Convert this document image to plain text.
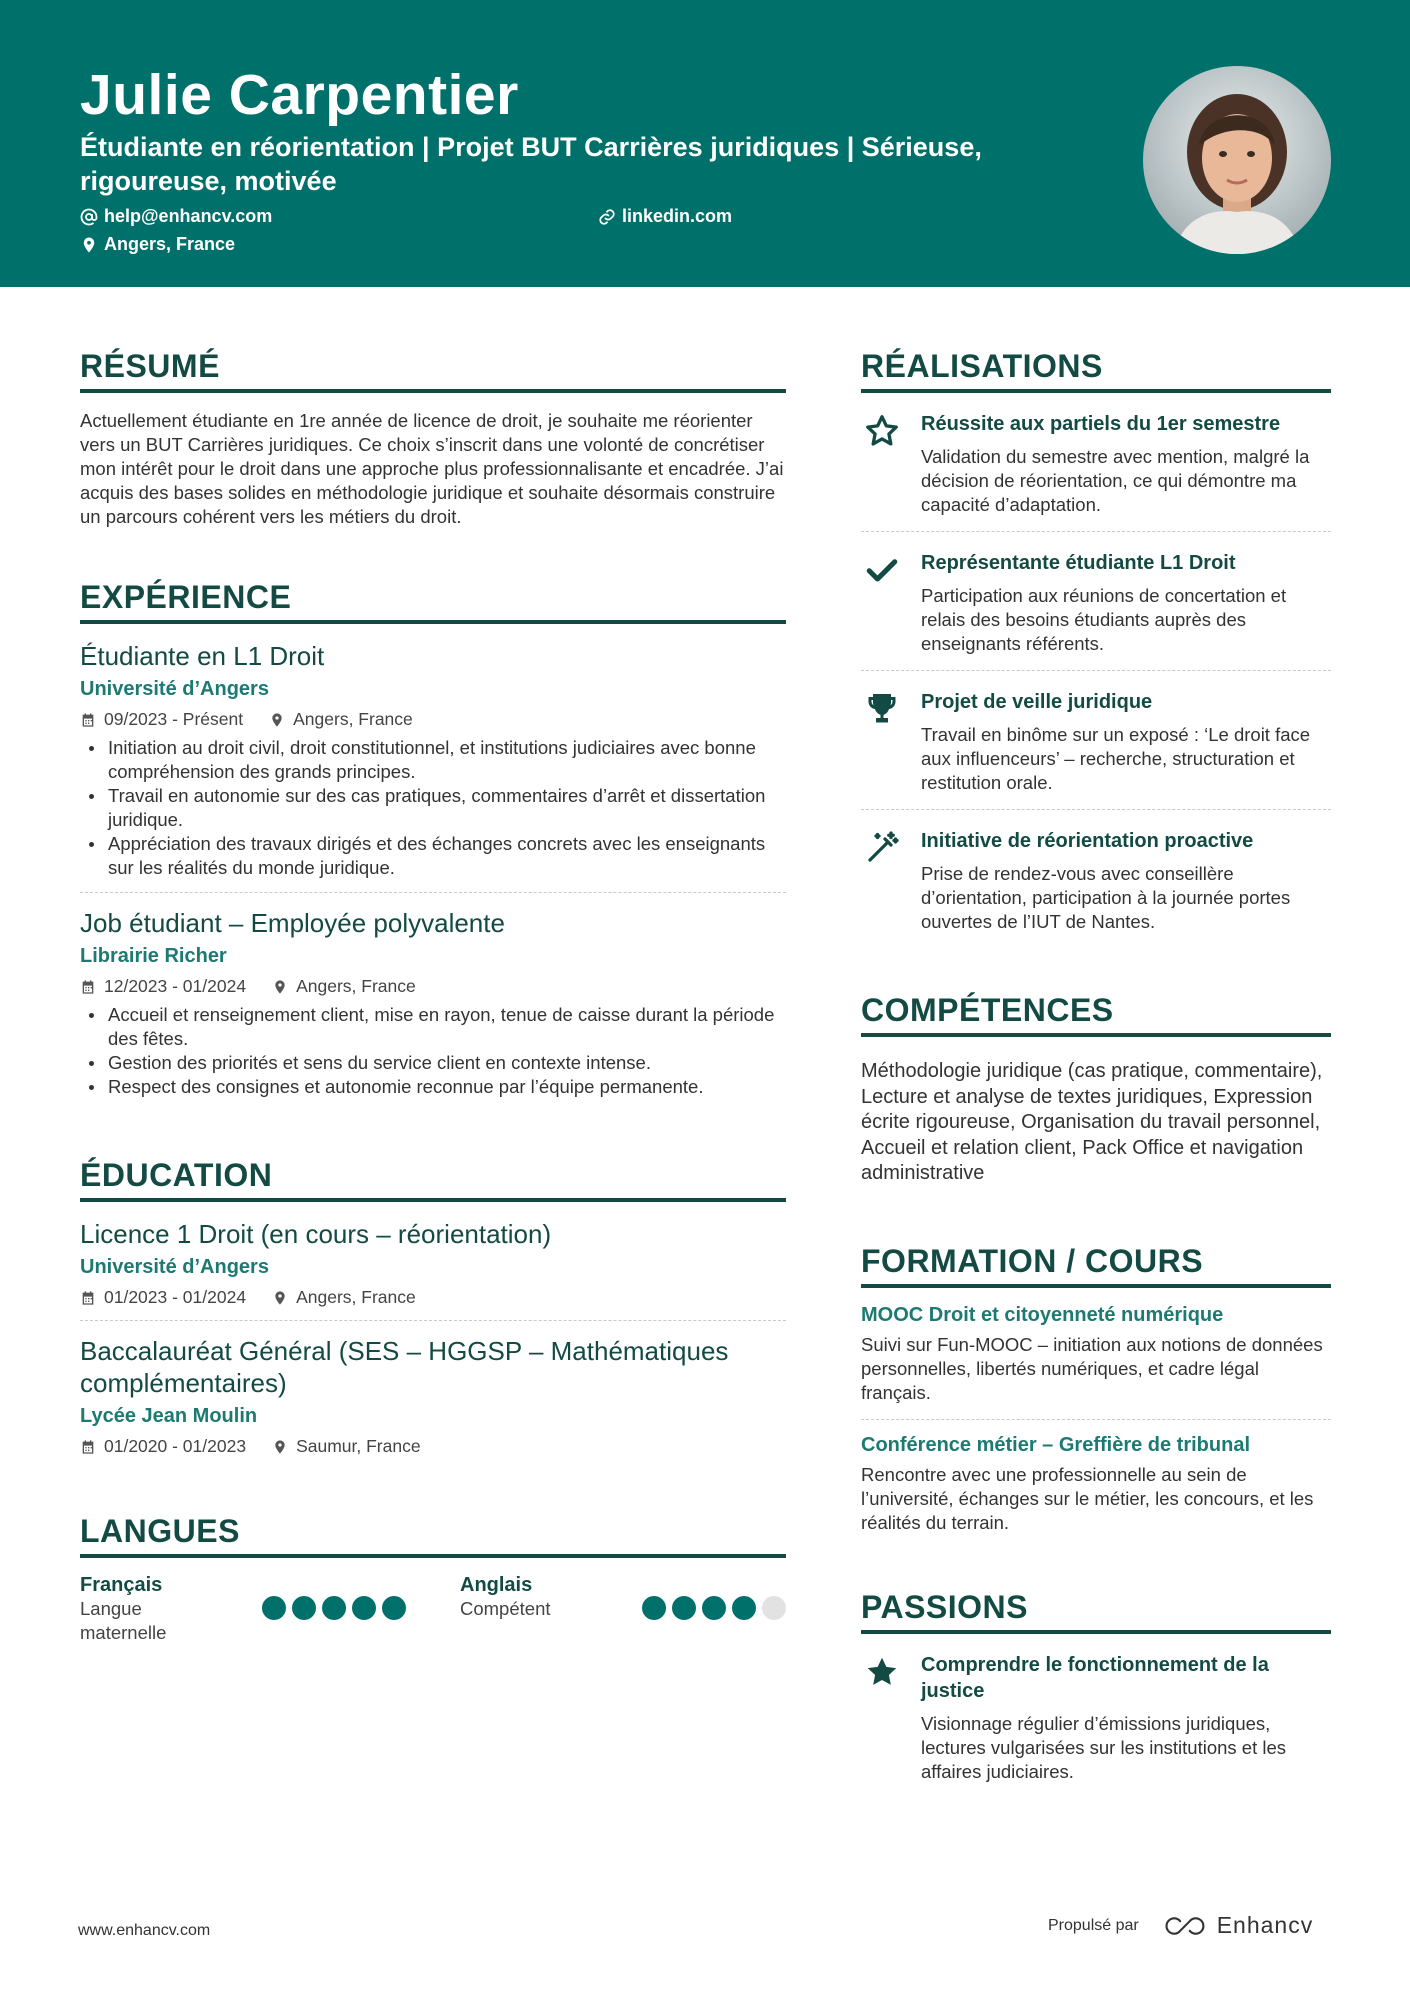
Julie Carpentier
Étudiante en réorientation | Projet BUT Carrières juridiques | Sérieuse, rigoureuse, motivée
help@enhancv.com	linkedin.com
Angers, France
RÉSUMÉ
Actuellement étudiante en 1re année de licence de droit, je souhaite me réorienter vers un BUT Carrières juridiques. Ce choix s’inscrit dans une volonté de concrétiser mon intérêt pour le droit dans une approche plus professionnalisante et encadrée. J’ai acquis des bases solides en méthodologie juridique et souhaite désormais construire un parcours cohérent vers les métiers du droit.
EXPÉRIENCE
Étudiante en L1 Droit
Université d’Angers
09/2023 - Présent	Angers, France
Initiation au droit civil, droit constitutionnel, et institutions judiciaires avec bonne compréhension des grands principes.
Travail en autonomie sur des cas pratiques, commentaires d’arrêt et dissertation juridique.
Appréciation des travaux dirigés et des échanges concrets avec les enseignants sur les réalités du monde juridique.
Job étudiant – Employée polyvalente
Librairie Richer
12/2023 - 01/2024	Angers, France
Accueil et renseignement client, mise en rayon, tenue de caisse durant la période des fêtes.
Gestion des priorités et sens du service client en contexte intense.
Respect des consignes et autonomie reconnue par l’équipe permanente.
ÉDUCATION
Licence 1 Droit (en cours – réorientation)
Université d’Angers
01/2023 - 01/2024	Angers, France
Baccalauréat Général (SES – HGGSP – Mathématiques complémentaires)
Lycée Jean Moulin
01/2020 - 01/2023	Saumur, France
LANGUES
Français
Langue maternelle
Anglais
Compétent
RÉALISATIONS
Réussite aux partiels du 1er semestre
Validation du semestre avec mention, malgré la décision de réorientation, ce qui démontre ma capacité d’adaptation.
Représentante étudiante L1 Droit
Participation aux réunions de concertation et relais des besoins étudiants auprès des enseignants référents.
Projet de veille juridique
Travail en binôme sur un exposé : ‘Le droit face aux influenceurs’ – recherche, structuration et restitution orale.
Initiative de réorientation proactive
Prise de rendez-vous avec conseillère d’orientation, participation à la journée portes ouvertes de l’IUT de Nantes.
COMPÉTENCES
Méthodologie juridique (cas pratique, commentaire), Lecture et analyse de textes juridiques, Expression écrite rigoureuse, Organisation du travail personnel, Accueil et relation client, Pack Office et navigation administrative
FORMATION / COURS
MOOC Droit et citoyenneté numérique
Suivi sur Fun-MOOC – initiation aux notions de données personnelles, libertés numériques, et cadre légal français.
Conférence métier – Greffière de tribunal
Rencontre avec une professionnelle au sein de l’université, échanges sur le métier, les concours, et les réalités du terrain.
PASSIONS
Comprendre le fonctionnement de la justice
Visionnage régulier d’émissions juridiques, lectures vulgarisées sur les institutions et les affaires judiciaires.
www.enhancv.com	Propulsé par	Enhancv
